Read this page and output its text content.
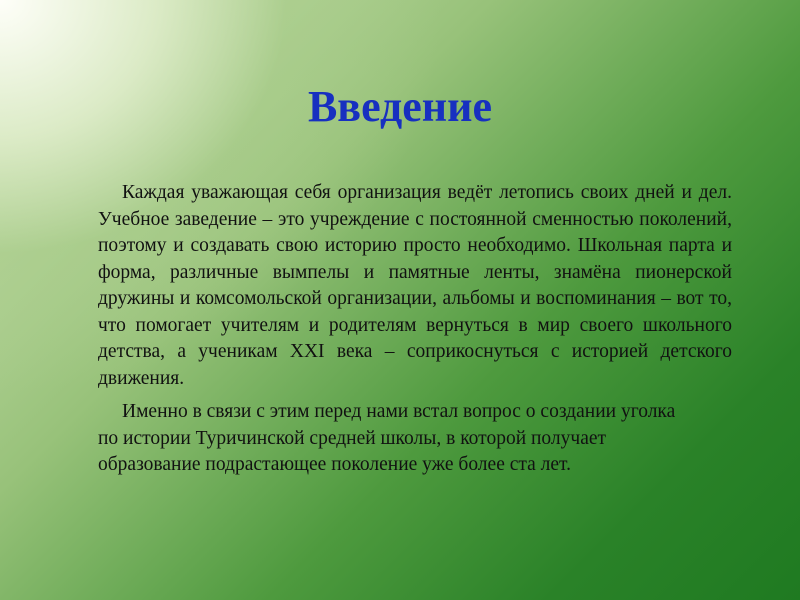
Введение

Каждая уважающая себя организация ведёт летопись своих дней и дел. Учебное заведение – это учреждение с постоянной сменностью поколений, поэтому и создавать свою историю просто необходимо. Школьная парта и форма, различные вымпелы и памятные ленты, знамёна пионерской дружины и комсомольской организации, альбомы и воспоминания – вот то, что помогает учителям и родителям вернуться в мир своего школьного детства, а ученикам XXI века – соприкоснуться с историей детского движения.

Именно в связи с этим перед нами встал вопрос о создании уголка по истории Туричинской средней школы, в которой получает образование подрастающее поколение уже более ста лет.
